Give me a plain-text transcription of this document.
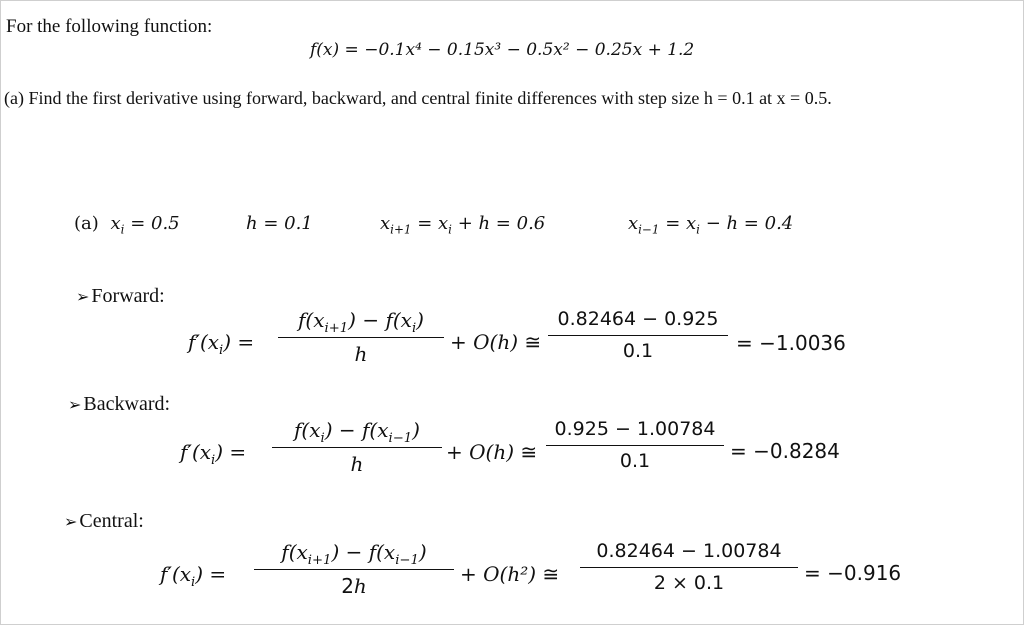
For the following function:
f(x) = −0.1x⁴ − 0.15x³ − 0.5x² − 0.25x + 1.2
(a) Find the first derivative using forward, backward, and central finite differences with step size h = 0.1 at x = 0.5.
(a) $x_i = 0.5$	h = 0.1	$x_{i+1} = x_i + h = 0.6$	$x_{i-1} = x_i - h = 0.4$
➢ Forward:
$f'(x_i)$ =
$f(x_{i+1}) - f(x_i)$
h	+ O(h) ≅
0.82464 − 0.925
0.1	= −1.0036
➢ Backward:
$f'(x_i)$ =
$f(x_i) - f(x_{i-1})$
h	+ O(h) ≅
0.925 − 1.00784
0.1	= −0.8284
➢ Central:
$f'(x_i)$ =
$f(x_{i+1}) - f(x_{i-1})$
2h	+ O(h²) ≅
0.82464 − 1.00784
2 × 0.1	= −0.916
